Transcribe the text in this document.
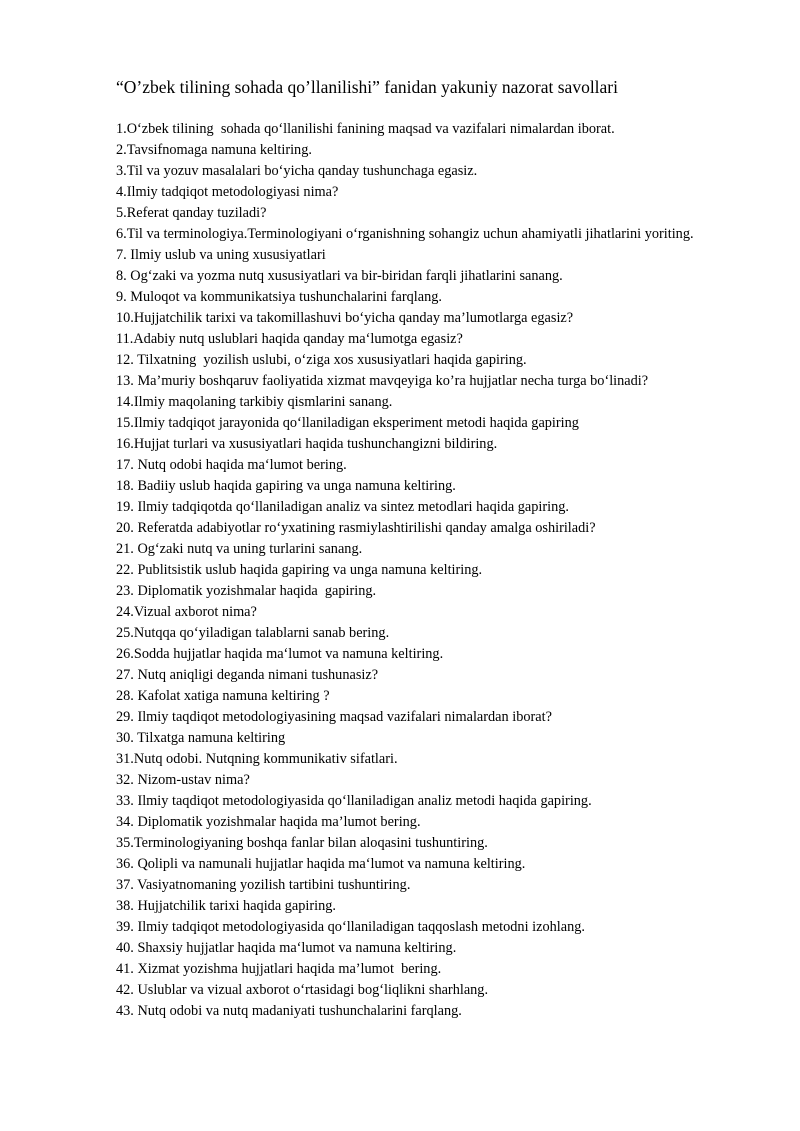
“O’zbek tilining sohada qo’llanilishi” fanidan yakuniy nazorat savollari
1.O‘zbek tilining  sohada qo‘llanilishi fanining maqsad va vazifalari nimalardan iborat.
2.Tavsifnomaga namuna keltiring.
3.Til va yozuv masalalari bo‘yicha qanday tushunchaga egasiz.
4.Ilmiy tadqiqot metodologiyasi nima?
5.Referat qanday tuziladi?
6.Til va terminologiya.Terminologiyani o‘rganishning sohangiz uchun ahamiyatli jihatlarini yoriting.
7. Ilmiy uslub va uning xususiyatlari
8. Og‘zaki va yozma nutq xususiyatlari va bir-biridan farqli jihatlarini sanang.
9. Muloqot va kommunikatsiya tushunchalarini farqlang.
10.Hujjatchilik tarixi va takomillashuvi bo‘yicha qanday ma’lumotlarga egasiz?
11.Adabiy nutq uslublari haqida qanday ma‘lumotga egasiz?
12. Tilxatning  yozilish uslubi, o‘ziga xos xususiyatlari haqida gapiring.
13. Ma’muriy boshqaruv faoliyatida xizmat mavqeyiga ko’ra hujjatlar necha turga bo‘linadi?
14.Ilmiy maqolaning tarkibiy qismlarini sanang.
15.Ilmiy tadqiqot jarayonida qo‘llaniladigan eksperiment metodi haqida gapiring
16.Hujjat turlari va xususiyatlari haqida tushunchangizni bildiring.
17. Nutq odobi haqida ma‘lumot bering.
18. Badiiy uslub haqida gapiring va unga namuna keltiring.
19. Ilmiy tadqiqotda qo‘llaniladigan analiz va sintez metodlari haqida gapiring.
20. Referatda adabiyotlar ro‘yxatining rasmiylashtirilishi qanday amalga oshiriladi?
21. Og‘zaki nutq va uning turlarini sanang.
22. Publitsistik uslub haqida gapiring va unga namuna keltiring.
23. Diplomatik yozishmalar haqida  gapiring.
24.Vizual axborot nima?
25.Nutqqa qo‘yiladigan talablarni sanab bering.
26.Sodda hujjatlar haqida ma‘lumot va namuna keltiring.
27. Nutq aniqligi deganda nimani tushunasiz?
28. Kafolat xatiga namuna keltiring ?
29. Ilmiy taqdiqot metodologiyasining maqsad vazifalari nimalardan iborat?
30. Tilxatga namuna keltiring
31.Nutq odobi. Nutqning kommunikativ sifatlari.
32. Nizom-ustav nima?
33. Ilmiy taqdiqot metodologiyasida qo‘llaniladigan analiz metodi haqida gapiring.
34. Diplomatik yozishmalar haqida ma’lumot bering.
35.Terminologiyaning boshqa fanlar bilan aloqasini tushuntiring.
36. Qolipli va namunali hujjatlar haqida ma‘lumot va namuna keltiring.
37. Vasiyatnomaning yozilish tartibini tushuntiring.
38. Hujjatchilik tarixi haqida gapiring.
39. Ilmiy tadqiqot metodologiyasida qo‘llaniladigan taqqoslash metodni izohlang.
40. Shaxsiy hujjatlar haqida ma‘lumot va namuna keltiring.
41. Xizmat yozishma hujjatlari haqida ma’lumot  bering.
42. Uslublar va vizual axborot o‘rtasidagi bog‘liqlikni sharhlang.
43. Nutq odobi va nutq madaniyati tushunchalarini farqlang.
